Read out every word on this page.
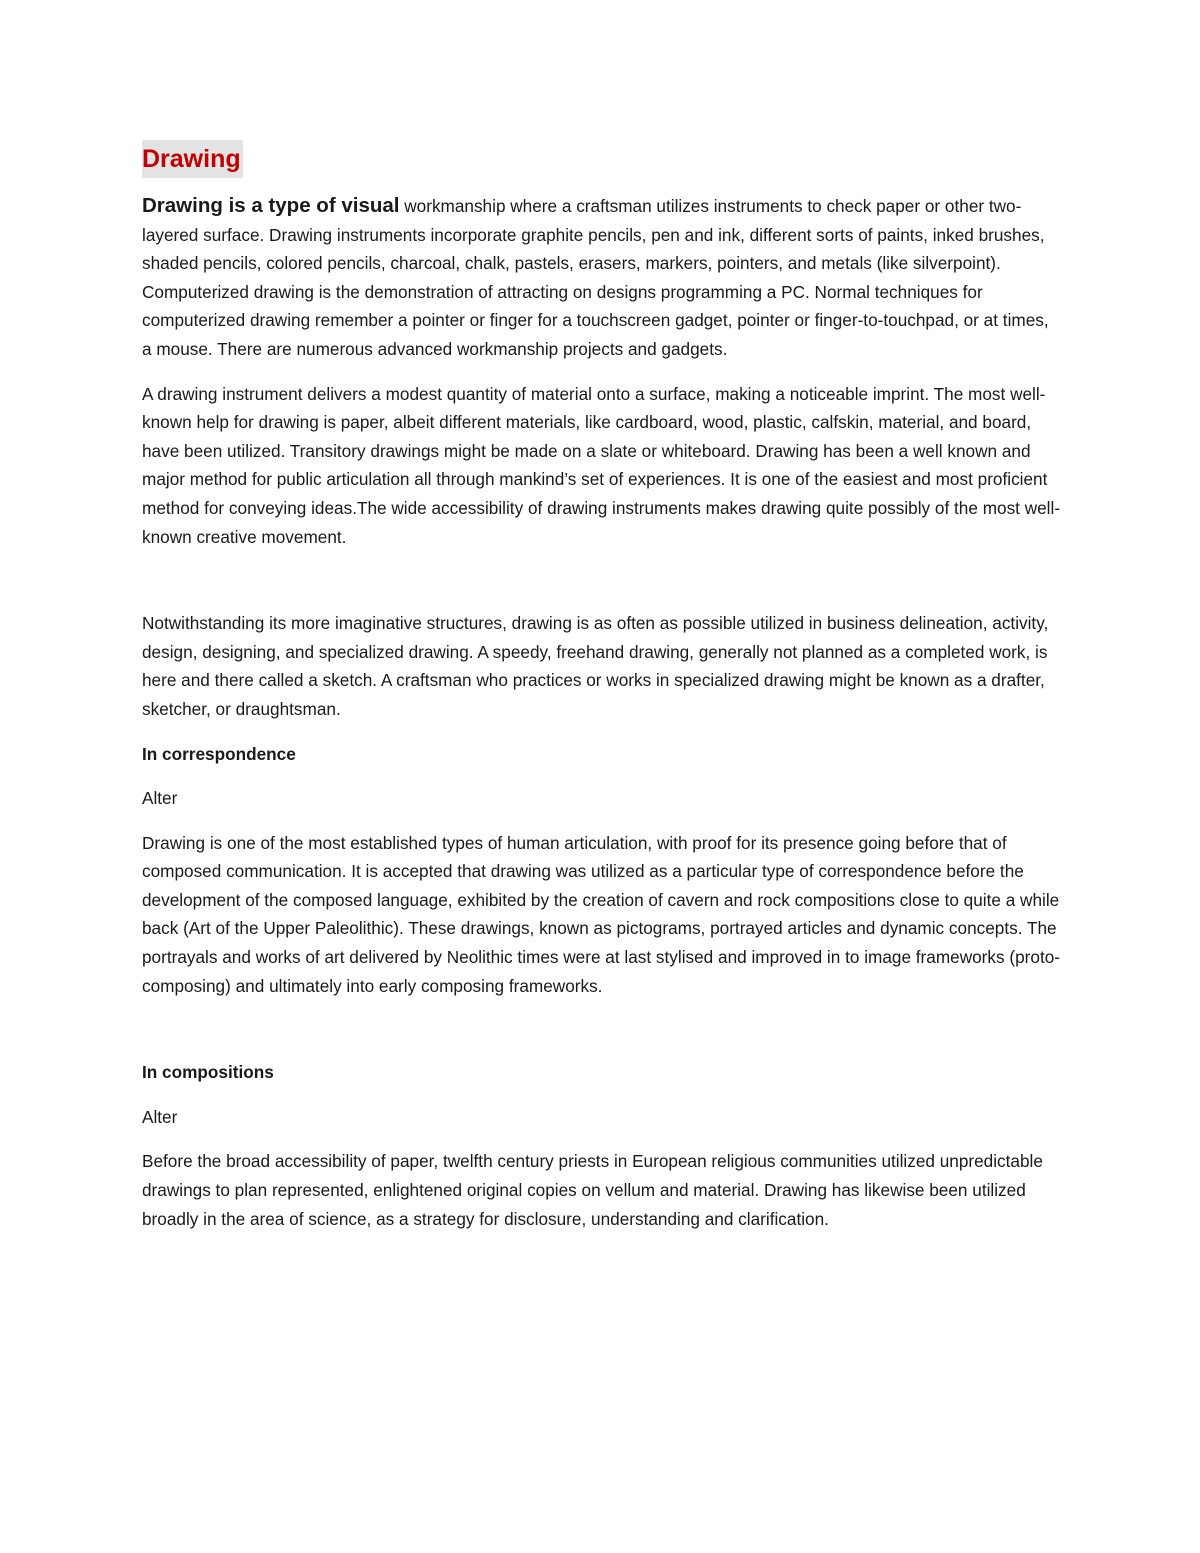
Drawing

Drawing is a type of visual workmanship where a craftsman utilizes instruments to check paper or other two-layered surface. Drawing instruments incorporate graphite pencils, pen and ink, different sorts of paints, inked brushes, shaded pencils, colored pencils, charcoal, chalk, pastels, erasers, markers, pointers, and metals (like silverpoint). Computerized drawing is the demonstration of attracting on designs programming a PC. Normal techniques for computerized drawing remember a pointer or finger for a touchscreen gadget, pointer or finger-to-touchpad, or at times, a mouse. There are numerous advanced workmanship projects and gadgets.

A drawing instrument delivers a modest quantity of material onto a surface, making a noticeable imprint. The most well-known help for drawing is paper, albeit different materials, like cardboard, wood, plastic, calfskin, material, and board, have been utilized. Transitory drawings might be made on a slate or whiteboard. Drawing has been a well known and major method for public articulation all through mankind’s set of experiences. It is one of the easiest and most proficient method for conveying ideas.The wide accessibility of drawing instruments makes drawing quite possibly of the most well-known creative movement.

Notwithstanding its more imaginative structures, drawing is as often as possible utilized in business delineation, activity, design, designing, and specialized drawing. A speedy, freehand drawing, generally not planned as a completed work, is here and there called a sketch. A craftsman who practices or works in specialized drawing might be known as a drafter, sketcher, or draughtsman.

In correspondence
Alter

Drawing is one of the most established types of human articulation, with proof for its presence going before that of composed communication. It is accepted that drawing was utilized as a particular type of correspondence before the development of the composed language, exhibited by the creation of cavern and rock compositions close to quite a while back (Art of the Upper Paleolithic). These drawings, known as pictograms, portrayed articles and dynamic concepts. The portrayals and works of art delivered by Neolithic times were at last stylised and improved in to image frameworks (proto-composing) and ultimately into early composing frameworks.

In compositions
Alter

Before the broad accessibility of paper, twelfth century priests in European religious communities utilized unpredictable drawings to plan represented, enlightened original copies on vellum and material. Drawing has likewise been utilized broadly in the area of science, as a strategy for disclosure, understanding and clarification.
